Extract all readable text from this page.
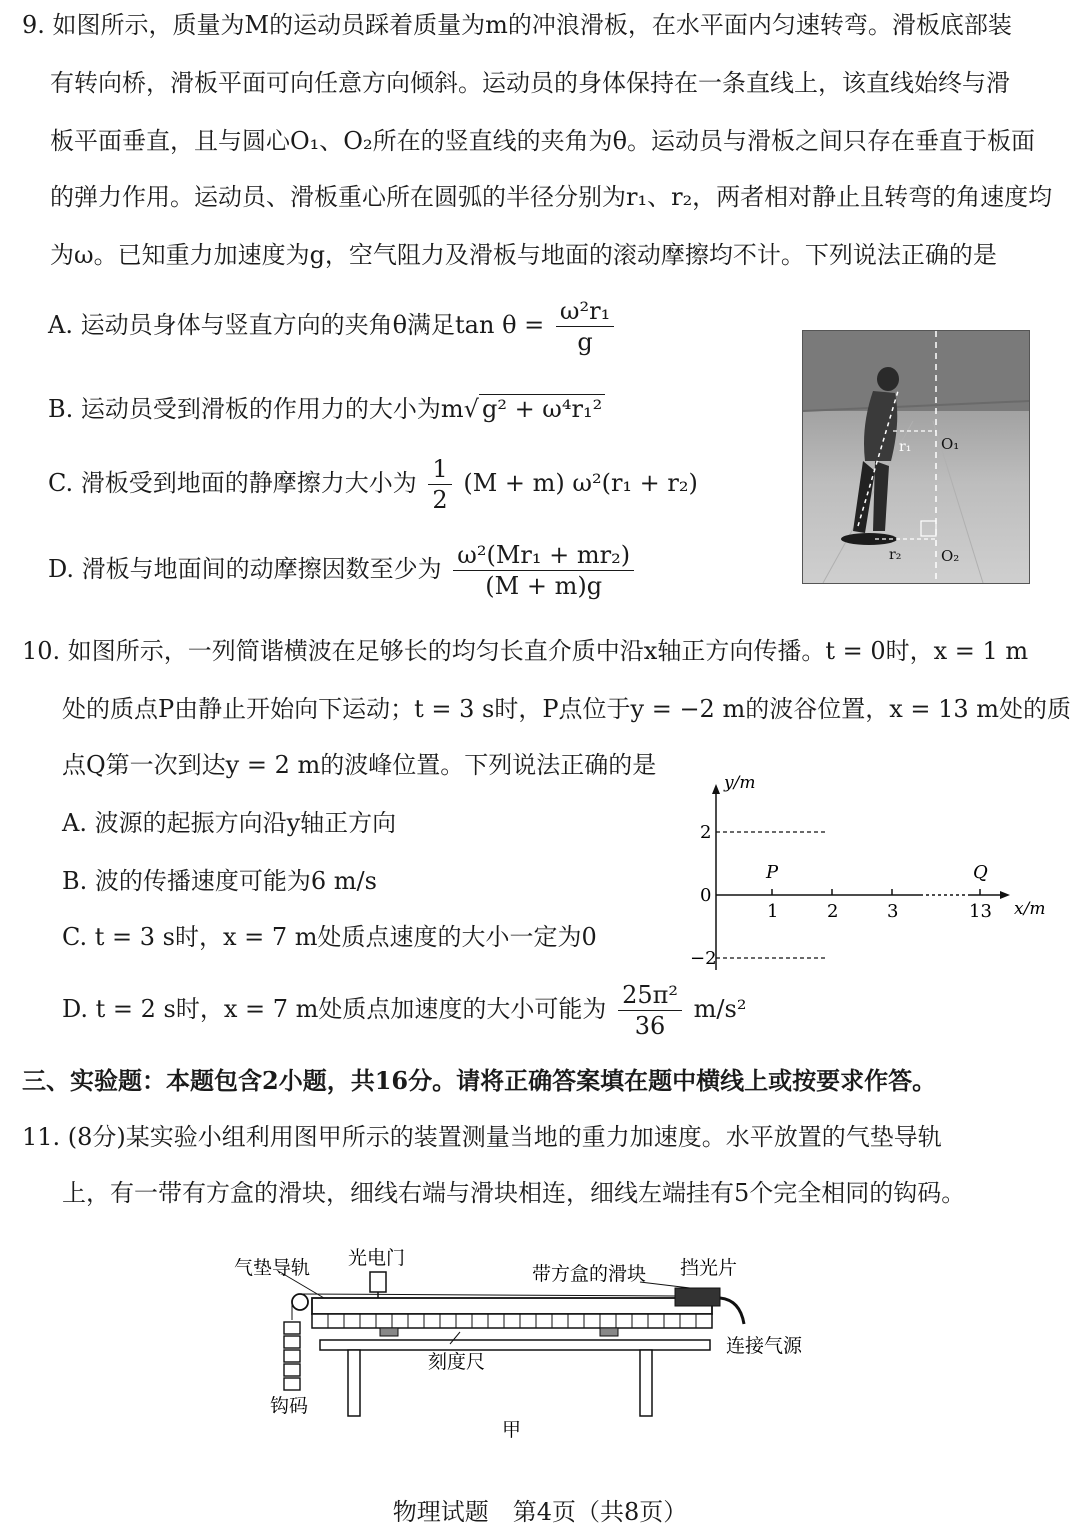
9. 如图所示，质量为M的运动员踩着质量为m的冲浪滑板，在水平面内匀速转弯。滑板底部装
有转向桥，滑板平面可向任意方向倾斜。运动员的身体保持在一条直线上，该直线始终与滑
板平面垂直，且与圆心O₁、O₂所在的竖直线的夹角为θ。运动员与滑板之间只存在垂直于板面
的弹力作用。运动员、滑板重心所在圆弧的半径分别为r₁、r₂，两者相对静止且转弯的角速度均
为ω。已知重力加速度为g，空气阻力及滑板与地面的滚动摩擦均不计。下列说法正确的是
A. 运动员身体与竖直方向的夹角θ满足$\tan \theta = \frac{\text{ω²r₁}}{g}$
B. 运动员受到滑板的作用力的大小为m√ g² + ω⁴r₁²
C. 滑板受到地面的静摩擦力大小为 $\frac{1}{2} (M + m) \omega^2(r_1 + r_2)$
D. 滑板与地面间的动摩擦因数至少为 $\frac{\text{ω²(Mr₁ + mr₂)}}{(M + m)g}$
r₁ O₁
r₂	O₂
10. 如图所示，一列简谐横波在足够长的均匀长直介质中沿x轴正方向传播。t = 0时，x = 1 m
处的质点P由静止开始向下运动；t = 3 s时，P点位于y = −2 m的波谷位置，x = 13 m处的质
点Q第一次到达y = 2 m的波峰位置。下列说法正确的是
A. 波源的起振方向沿y轴正方向
B. 波的传播速度可能为6 m/s
C. t = 3 s时，x = 7 m处质点速度的大小一定为0
D. t = 2 s时，x = 7 m处质点加速度的大小可能为 $\frac{\text{25π²}}{36} m/s^2$
y/m
x/m
2
0
−2
1	2	3	13
P	Q
三、实验题：本题包含2小题，共16分。请将正确答案填在题中横线上或按要求作答。
11. (8分)某实验小组利用图甲所示的装置测量当地的重力加速度。水平放置的气垫导轨
上，有一带有方盒的滑块，细线右端与滑块相连，细线左端挂有5个完全相同的钩码。
气垫导轨 光电门
带方盒的滑块 挡光片
连接气源
刻度尺
钩码
甲
物理试题　第4页（共8页）
